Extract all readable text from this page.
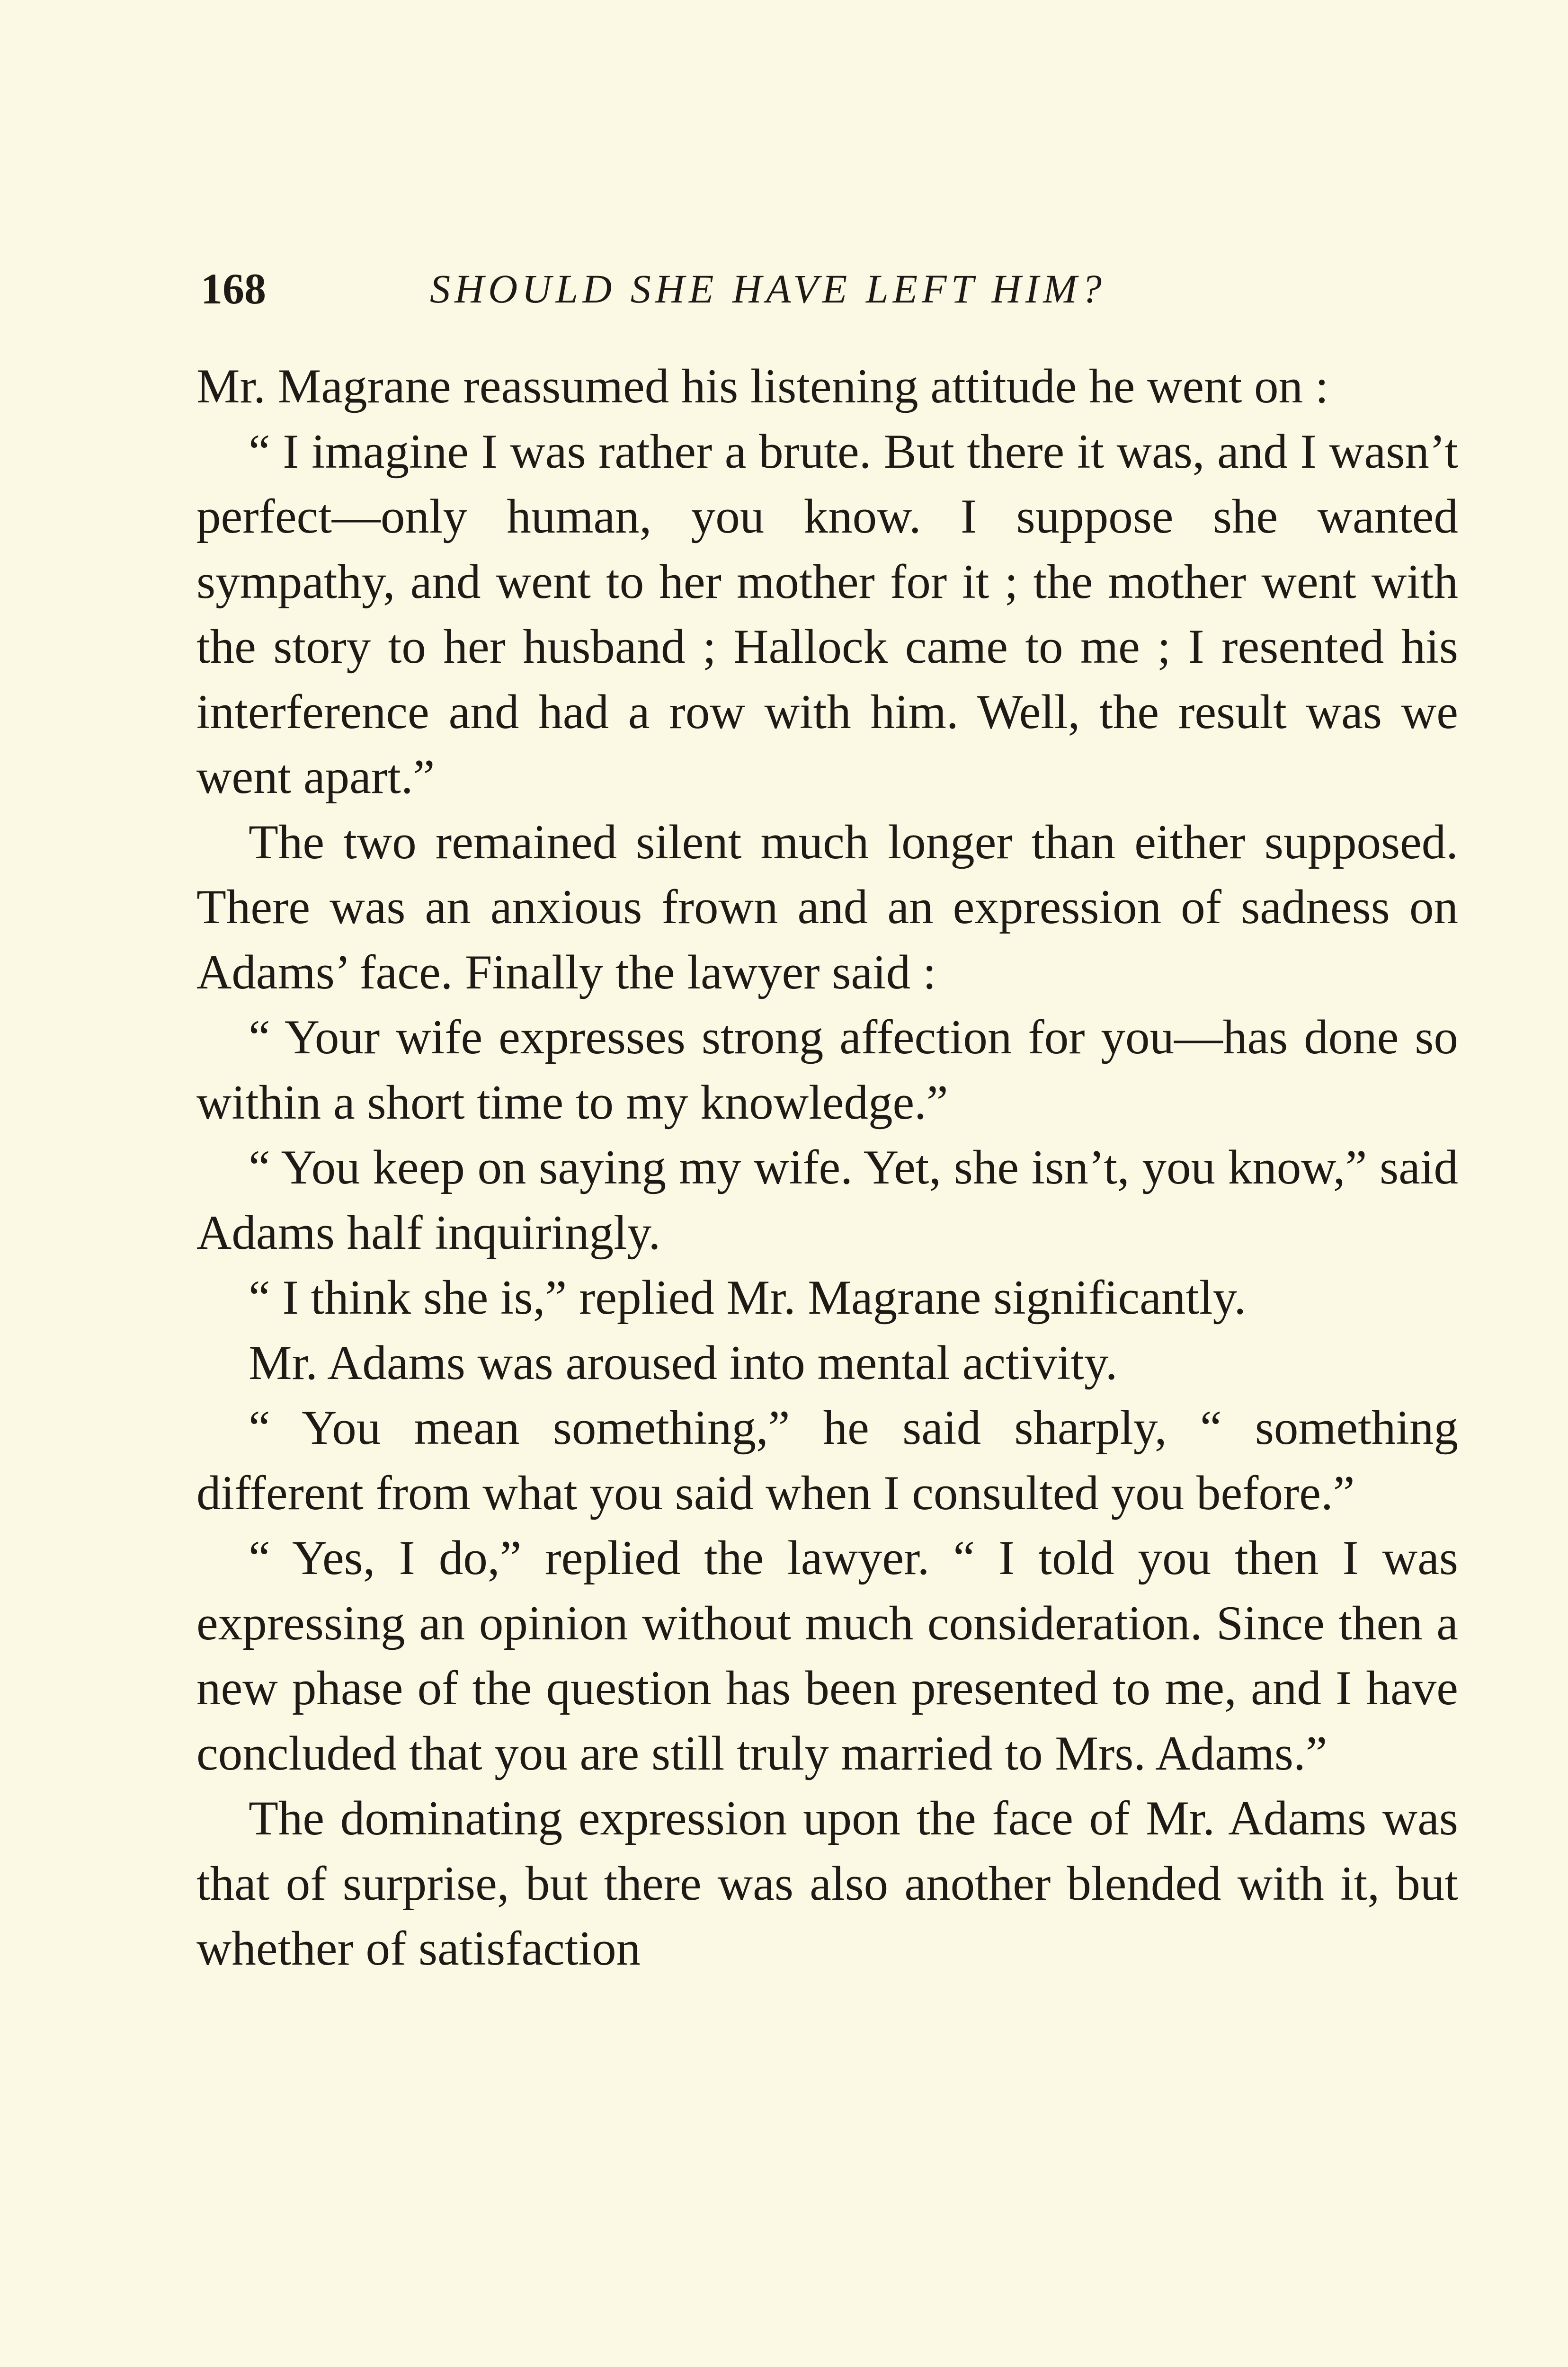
168	SHOULD SHE HAVE LEFT HIM?

Mr. Magrane reassumed his listening attitude he went on :

“ I imagine I was rather a brute. But there it was, and I wasn’t perfect—only human, you know. I suppose she wanted sympathy, and went to her mother for it ; the mother went with the story to her husband ; Hallock came to me ; I resented his interference and had a row with him. Well, the result was we went apart.”

The two remained silent much longer than either supposed. There was an anxious frown and an expression of sadness on Adams’ face. Finally the lawyer said :

“ Your wife expresses strong affection for you—has done so within a short time to my knowledge.”

“ You keep on saying my wife. Yet, she isn’t, you know,” said Adams half inquiringly.

“ I think she is,” replied Mr. Magrane significantly.

Mr. Adams was aroused into mental activity.

“ You mean something,” he said sharply, “ something different from what you said when I consulted you before.”

“ Yes, I do,” replied the lawyer. “ I told you then I was expressing an opinion without much consideration. Since then a new phase of the question has been presented to me, and I have concluded that you are still truly married to Mrs. Adams.”

The dominating expression upon the face of Mr. Adams was that of surprise, but there was also another blended with it, but whether of satisfaction
